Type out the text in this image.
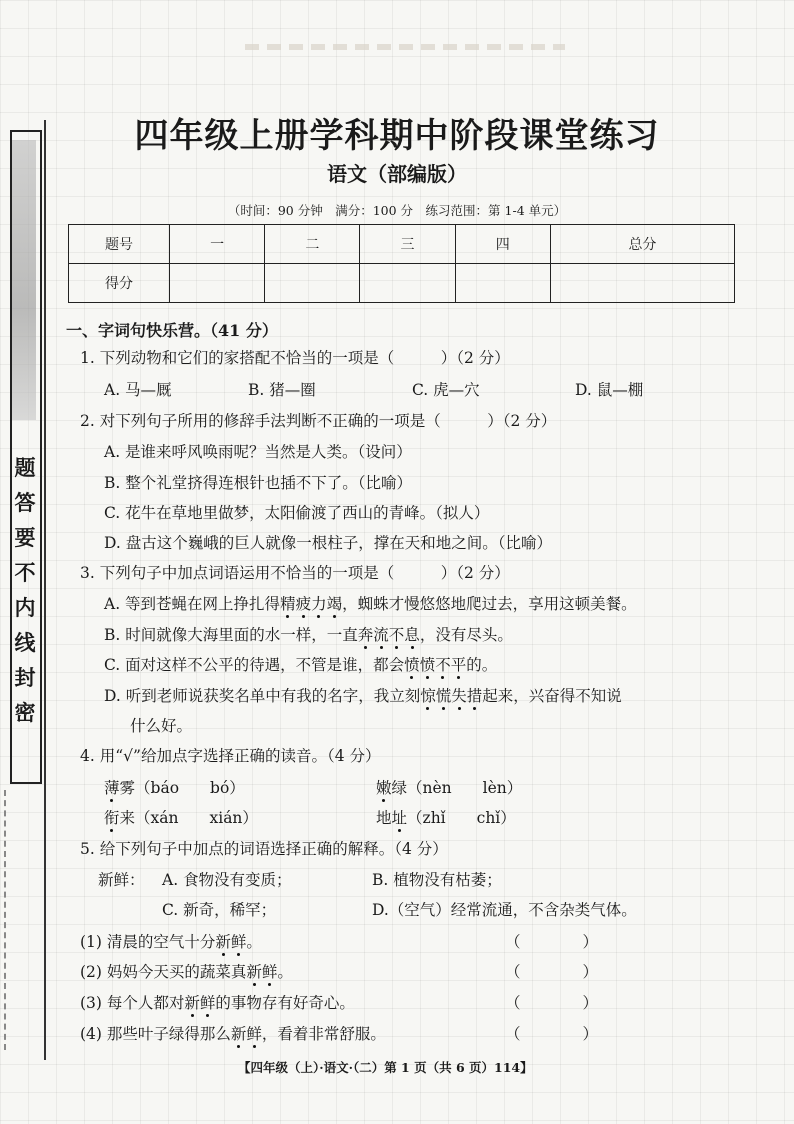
题
答
要
不
内
线
封
密
四年级上册学科期中阶段课堂练习
语文（部编版）
（时间：90 分钟　满分：100 分　练习范围：第 1-4 单元）
题号	一	二	三	四	总分
得分					
一、字词句快乐营。（41 分）
1. 下列动物和它们的家搭配不恰当的一项是（　　　）（2 分）
A. 马—厩	B. 猪—圈	C. 虎—穴	D. 鼠—棚
2. 对下列句子所用的修辞手法判断不正确的一项是（　　　）（2 分）
A. 是谁来呼风唤雨呢？当然是人类。（设问）
B. 整个礼堂挤得连根针也插不下了。（比喻）
C. 花牛在草地里做梦，太阳偷渡了西山的青峰。（拟人）
D. 盘古这个巍峨的巨人就像一根柱子，撑在天和地之间。（比喻）
3. 下列句子中加点词语运用不恰当的一项是（　　　）（2 分）
A. 等到苍蝇在网上挣扎得精疲力竭，蜘蛛才慢悠悠地爬过去，享用这顿美餐。
B. 时间就像大海里面的水一样，一直奔流不息，没有尽头。
C. 面对这样不公平的待遇，不管是谁，都会愤愤不平的。
D. 听到老师说获奖名单中有我的名字，我立刻惊慌失措起来，兴奋得不知说
什么好。
4. 用“√”给加点字选择正确的读音。（4 分）
薄雾（báo　　bó）	嫩绿（nèn　　lèn）
衔来（xán　　xián）	地址（zhǐ　　chǐ）
5. 给下列句子中加点的词语选择正确的解释。（4 分）
新鲜： A. 食物没有变质；	B. 植物没有枯萎；
C. 新奇，稀罕；	D.（空气）经常流通，不含杂类气体。
(1) 清晨的空气十分新鲜。	（　　　　）
(2) 妈妈今天买的蔬菜真新鲜。	（　　　　）
(3) 每个人都对新鲜的事物存有好奇心。	（　　　　）
(4) 那些叶子绿得那么新鲜，看着非常舒服。	（　　　　）
【四年级（上）·语文·（二）第 1 页（共 6 页）114】
